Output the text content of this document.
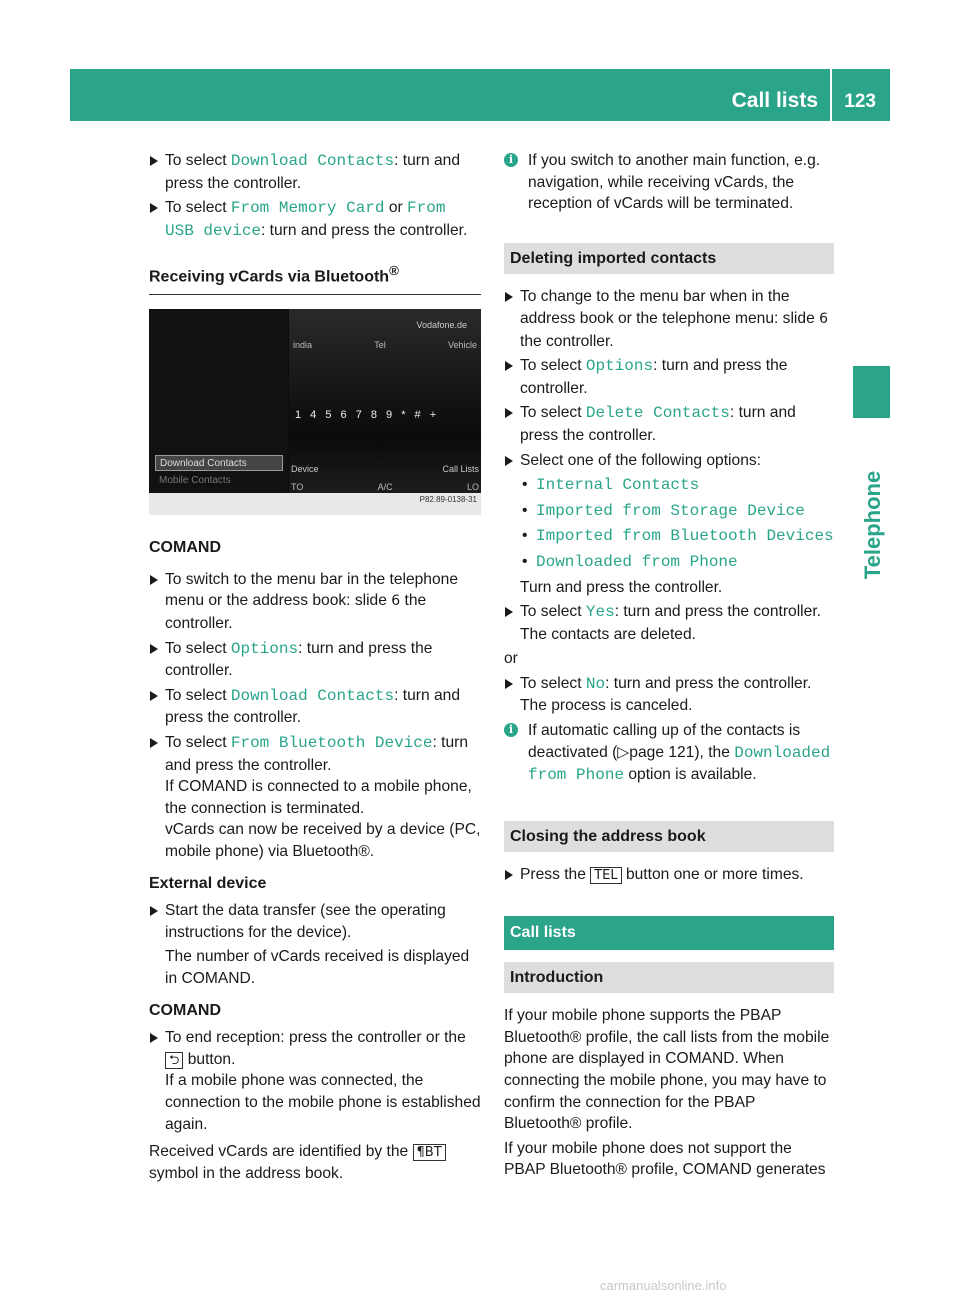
Call lists 123
Telephone

To select Download Contacts: turn and press the controller.

To select From Memory Card or From USB device: turn and press the controller.

Receiving vCards via Bluetooth®
Download Contacts
Mobile Contacts
Vodafone.de
india	Tel	Vehicle
1 4 5 6 7 8 9 * # +
Device	Call Lists
TO	A/C	LO
P82.89-0138-31
COMAND

To switch to the menu bar in the telephone menu or the address book: slide 6 the controller.

To select Options: turn and press the controller.

To select Download Contacts: turn and press the controller.

To select From Bluetooth Device: turn and press the controller.

If COMAND is connected to a mobile phone, the connection is terminated.

vCards can now be received by a device (PC, mobile phone) via Bluetooth®.

External device

Start the data transfer (see the operating instructions for the device).

The number of vCards received is displayed in COMAND.

COMAND

To end reception: press the controller or the ⮌ button.

If a mobile phone was connected, the connection to the mobile phone is established again.

Received vCards are identified by the ¶BT symbol in the address book.

i If you switch to another main function, e.g. navigation, while receiving vCards, the reception of vCards will be terminated.

Deleting imported contacts

To change to the menu bar when in the address book or the telephone menu: slide 6 the controller.

To select Options: turn and press the controller.

To select Delete Contacts: turn and press the controller.

Select one of the following options:

• Internal Contacts

• Imported from Storage Device

• Imported from Bluetooth Devices

• Downloaded from Phone

Turn and press the controller.

To select Yes: turn and press the controller.

The contacts are deleted.

or

To select No: turn and press the controller.

The process is canceled.

i If automatic calling up of the contacts is deactivated (▷page 121), the Downloaded from Phone option is available.

Closing the address book

Press the TEL button one or more times.

Call lists
Introduction

If your mobile phone supports the PBAP Bluetooth® profile, the call lists from the mobile phone are displayed in COMAND. When connecting the mobile phone, you may have to confirm the connection for the PBAP Bluetooth® profile.

If your mobile phone does not support the PBAP Bluetooth® profile, COMAND generates

carmanualsonline.info
